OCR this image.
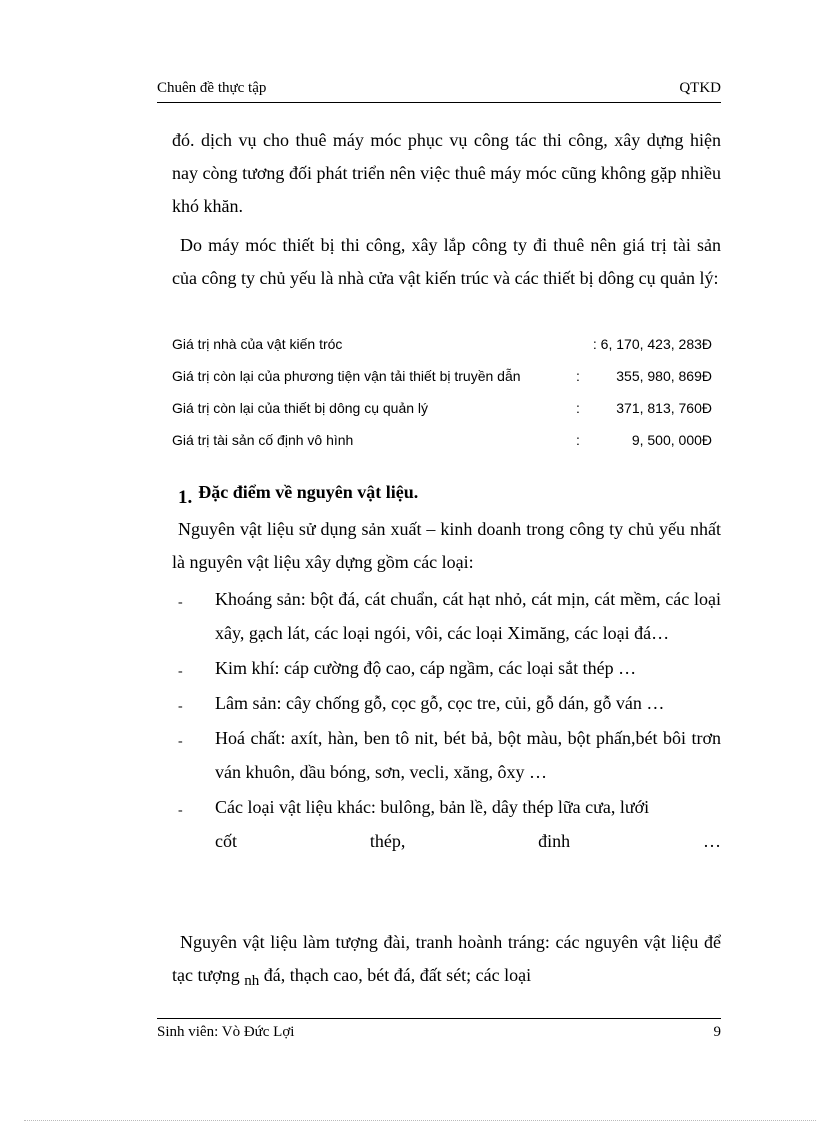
Chuên đề thực tập	QTKD
đó. dịch vụ cho thuê máy móc phục vụ công tác thi công, xây dựng hiện nay còng tương đối phát triển nên việc thuê máy móc cũng không gặp nhiều khó khăn.
Do máy móc thiết bị thi công, xây lắp công ty đi thuê nên giá trị tài sản của công ty chủ yếu là nhà cửa vật kiến trúc và các thiết bị dông cụ quản lý:
Giá trị nhà của vật kiến tróc	: 6, 170, 423, 283Đ
Giá trị còn lại của phương tiện vận tải thiết bị truyền dẫn	:	355, 980, 869Đ
Giá trị còn lại của thiết bị dông cụ quản lý	:	371, 813, 760Đ
Giá trị tài sản cố định vô hình	:	9, 500, 000Đ
1. Đặc điểm về nguyên vật liệu.
Nguyên vật liệu sử dụng sản xuất – kinh doanh trong công ty chủ yếu nhất là nguyên vật liệu xây dựng gồm các loại:
- Khoáng sản: bột đá, cát chuẩn, cát hạt nhỏ, cát mịn, cát mềm, các loại xây, gạch lát, các loại ngói, vôi, các loại Ximăng, các loại đá…
- Kim khí: cáp cường độ cao, cáp ngầm, các loại sắt thép …
- Lâm sản: cây chống gỗ, cọc gỗ, cọc tre, củi, gỗ dán, gỗ ván …
- Hoá chất: axít, hàn, ben tô nit, bét bả, bột màu, bột phấn,bét bôi trơn ván khuôn, dầu bóng, sơn, vecli, xăng, ôxy …
- Các loại vật liệu khác: bulông, bản lề, dây thép lữa cưa, lưới
cốt	thép,	đinh	…
Nguyên vật liệu làm tượng đài, tranh hoành tráng: các nguyên vật liệu để tạc tượng $_{nh}$ đá, thạch cao, bét đá, đất sét; các loại
Sinh viên: Vò Đức Lợi	9
